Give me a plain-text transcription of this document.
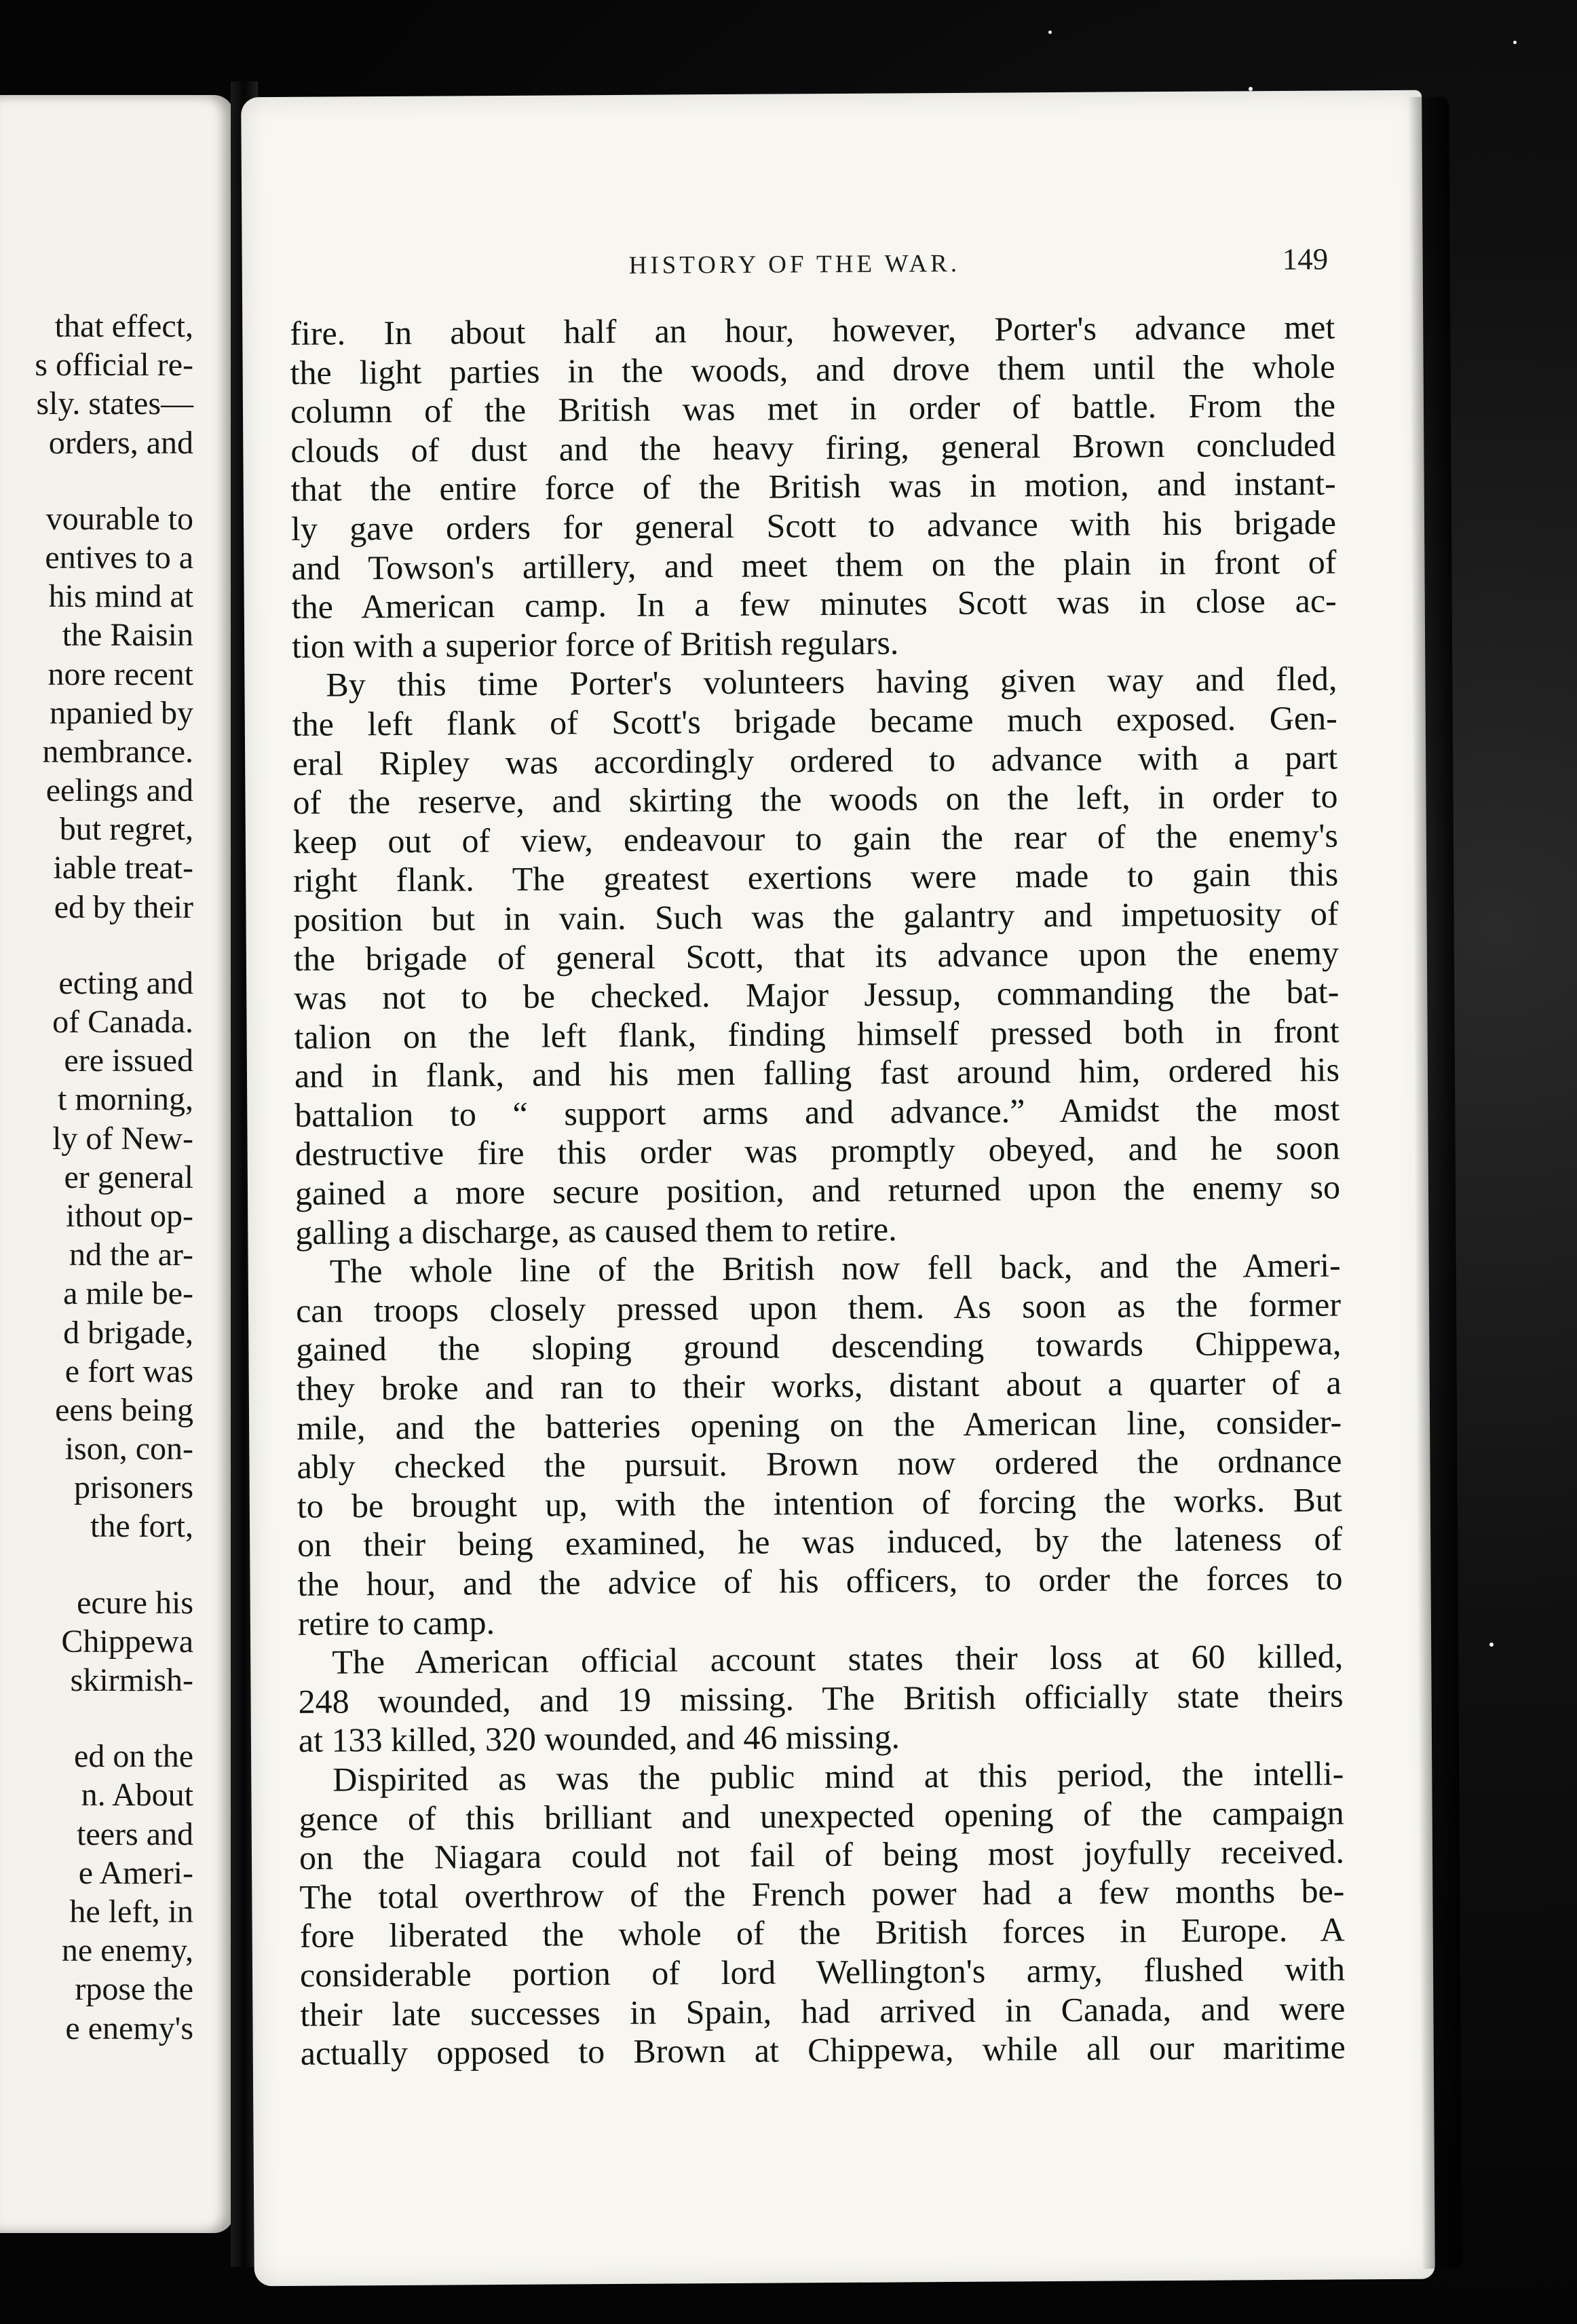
that effect,
s official re-
sly. states—
orders, and
vourable to
entives to a
his mind at
the Raisin
nore recent
npanied by
nembrance.
eelings and
but regret,
iable treat-
ed by their
ecting and
of Canada.
ere issued
t morning,
ly of New-
er general
ithout op-
nd the ar-
a mile be-
d brigade,
e fort was
eens being
ison, con-
prisoners
the fort,
ecure his
Chippewa
skirmish-
ed on the
n. About
teers and
e Ameri-
he left, in
ne enemy,
rpose the
e enemy's
HISTORY OF THE WAR.	149
fire. In about half an hour, however, Porter's advance met
the light parties in the woods, and drove them until the whole
column of the British was met in order of battle. From the
clouds of dust and the heavy firing, general Brown concluded
that the entire force of the British was in motion, and instant-
ly gave orders for general Scott to advance with his brigade
and Towson's artillery, and meet them on the plain in front of
the American camp. In a few minutes Scott was in close ac-
tion with a superior force of British regulars.
By this time Porter's volunteers having given way and fled,
the left flank of Scott's brigade became much exposed. Gen-
eral Ripley was accordingly ordered to advance with a part
of the reserve, and skirting the woods on the left, in order to
keep out of view, endeavour to gain the rear of the enemy's
right flank. The greatest exertions were made to gain this
position but in vain. Such was the galantry and impetuosity of
the brigade of general Scott, that its advance upon the enemy
was not to be checked. Major Jessup, commanding the bat-
talion on the left flank, finding himself pressed both in front
and in flank, and his men falling fast around him, ordered his
battalion to “ support arms and advance.” Amidst the most
destructive fire this order was promptly obeyed, and he soon
gained a more secure position, and returned upon the enemy so
galling a discharge, as caused them to retire.
The whole line of the British now fell back, and the Ameri-
can troops closely pressed upon them. As soon as the former
gained the sloping ground descending towards Chippewa,
they broke and ran to their works, distant about a quarter of a
mile, and the batteries opening on the American line, consider-
ably checked the pursuit. Brown now ordered the ordnance
to be brought up, with the intention of forcing the works. But
on their being examined, he was induced, by the lateness of
the hour, and the advice of his officers, to order the forces to
retire to camp.
The American official account states their loss at 60 killed,
248 wounded, and 19 missing. The British officially state theirs
at 133 killed, 320 wounded, and 46 missing.
Dispirited as was the public mind at this period, the intelli-
gence of this brilliant and unexpected opening of the campaign
on the Niagara could not fail of being most joyfully received.
The total overthrow of the French power had a few months be-
fore liberated the whole of the British forces in Europe. A
considerable portion of lord Wellington's army, flushed with
their late successes in Spain, had arrived in Canada, and were
actually opposed to Brown at Chippewa, while all our maritime
